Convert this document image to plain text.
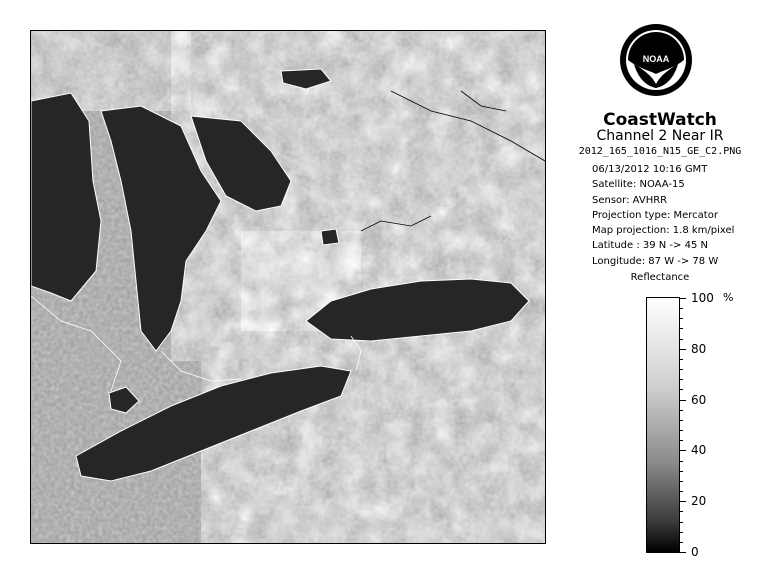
NOAA
CoastWatch
Channel 2 Near IR
2012_165_1016_N15_GE_C2.PNG
06/13/2012 10:16 GMT
Satellite: NOAA-15
Sensor: AVHRR
Projection type: Mercator
Map projection: 1.8 km/pixel
Latitude : 39 N -> 45 N
Longitude: 87 W -> 78 W
Reflectance
100
80
60
40
20
0
%
